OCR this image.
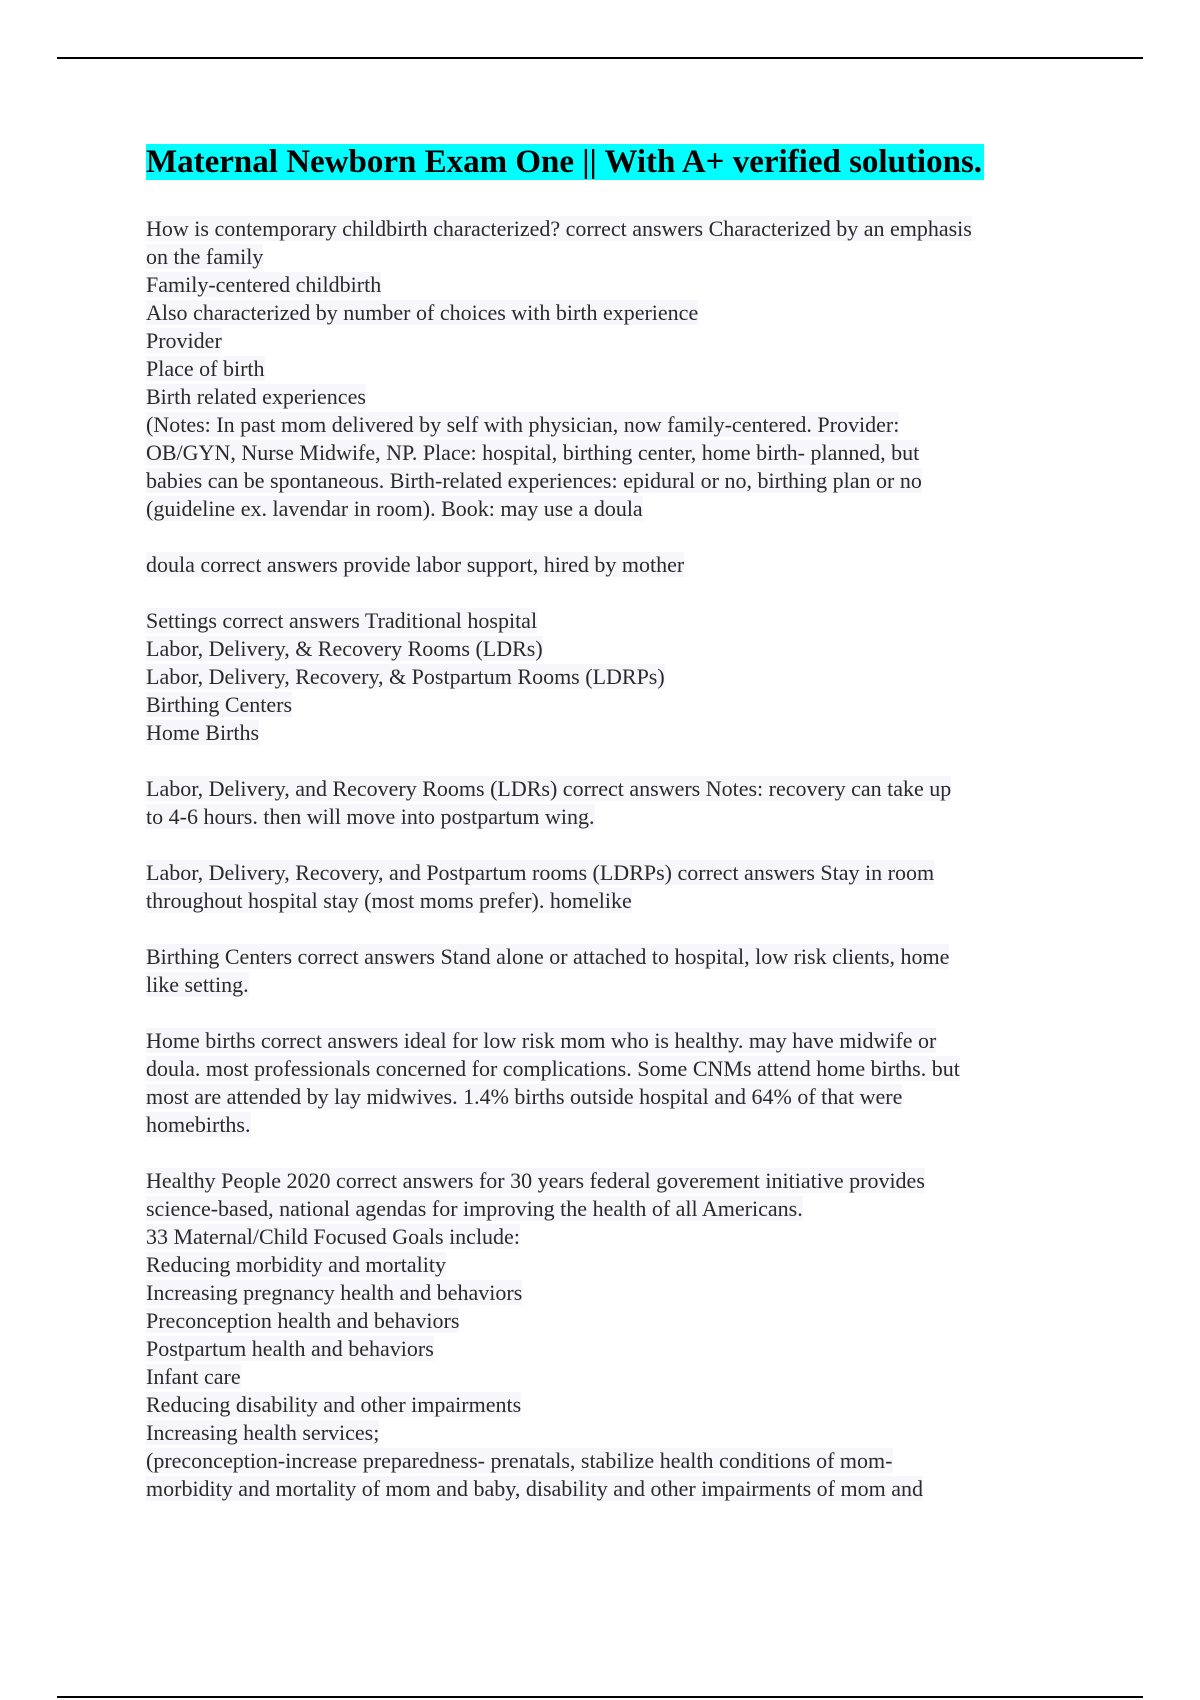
Maternal Newborn Exam One || With A+ verified solutions.

How is contemporary childbirth characterized? correct answers Characterized by an emphasis
on the family
Family-centered childbirth
Also characterized by number of choices with birth experience
Provider
Place of birth
Birth related experiences
(Notes: In past mom delivered by self with physician, now family-centered. Provider:
OB/GYN, Nurse Midwife, NP. Place: hospital, birthing center, home birth- planned, but
babies can be spontaneous. Birth-related experiences: epidural or no, birthing plan or no
(guideline ex. lavendar in room). Book: may use a doula

doula correct answers provide labor support, hired by mother

Settings correct answers Traditional hospital
Labor, Delivery, & Recovery Rooms (LDRs)
Labor, Delivery, Recovery, & Postpartum Rooms (LDRPs)
Birthing Centers
Home Births

Labor, Delivery, and Recovery Rooms (LDRs) correct answers Notes: recovery can take up
to 4-6 hours. then will move into postpartum wing.

Labor, Delivery, Recovery, and Postpartum rooms (LDRPs) correct answers Stay in room
throughout hospital stay (most moms prefer). homelike

Birthing Centers correct answers Stand alone or attached to hospital, low risk clients, home
like setting.

Home births correct answers ideal for low risk mom who is healthy. may have midwife or
doula. most professionals concerned for complications. Some CNMs attend home births. but
most are attended by lay midwives. 1.4% births outside hospital and 64% of that were
homebirths.

Healthy People 2020 correct answers for 30 years federal goverement initiative provides
science-based, national agendas for improving the health of all Americans.
33 Maternal/Child Focused Goals include:
Reducing morbidity and mortality
Increasing pregnancy health and behaviors
Preconception health and behaviors
Postpartum health and behaviors
Infant care
Reducing disability and other impairments
Increasing health services;
(preconception-increase preparedness- prenatals, stabilize health conditions of mom-
morbidity and mortality of mom and baby, disability and other impairments of mom and
